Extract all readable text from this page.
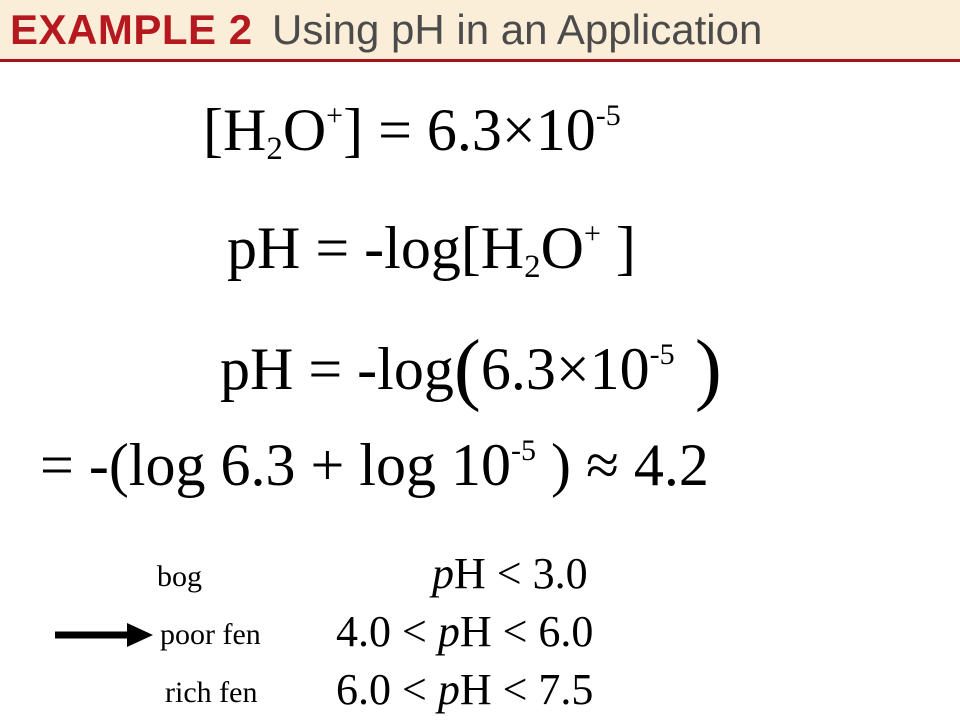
EXAMPLE 2 Using pH in an Application
$[H2O^+] = 6.3\times 10^{-5}$
pH = -log[H2O+ ]
pH = $-\log(6.3\times 10^{-5}$ )
= -(log $6.3 + \log 10^{-5}$ ) ≈ 4.2
bog	pH < 3.0
poor fen 4.0 < pH < 6.0
rich fen 6.0 < pH < 7.5
